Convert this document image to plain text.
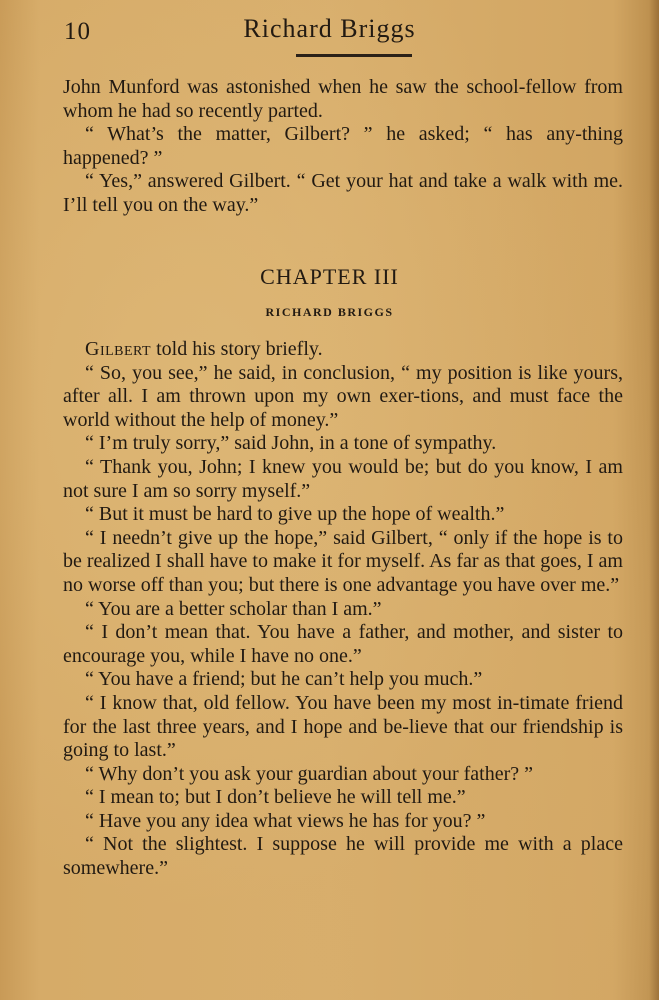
10	Richard Briggs

John Munford was astonished when he saw the school-fellow from whom he had so recently parted.

“ What’s the matter, Gilbert? ” he asked; “ has any-thing happened? ”

“ Yes,” answered Gilbert. “ Get your hat and take a walk with me. I’ll tell you on the way.”

CHAPTER III
RICHARD BRIGGS

Gilbert told his story briefly.

“ So, you see,” he said, in conclusion, “ my position is like yours, after all. I am thrown upon my own exer-tions, and must face the world without the help of money.”

“ I’m truly sorry,” said John, in a tone of sympathy.

“ Thank you, John; I knew you would be; but do you know, I am not sure I am so sorry myself.”

“ But it must be hard to give up the hope of wealth.”

“ I needn’t give up the hope,” said Gilbert, “ only if the hope is to be realized I shall have to make it for myself. As far as that goes, I am no worse off than you; but there is one advantage you have over me.”

“ You are a better scholar than I am.”

“ I don’t mean that. You have a father, and mother, and sister to encourage you, while I have no one.”

“ You have a friend; but he can’t help you much.”

“ I know that, old fellow. You have been my most in-timate friend for the last three years, and I hope and be-lieve that our friendship is going to last.”

“ Why don’t you ask your guardian about your father? ”

“ I mean to; but I don’t believe he will tell me.”

“ Have you any idea what views he has for you? ”

“ Not the slightest. I suppose he will provide me with a place somewhere.”
